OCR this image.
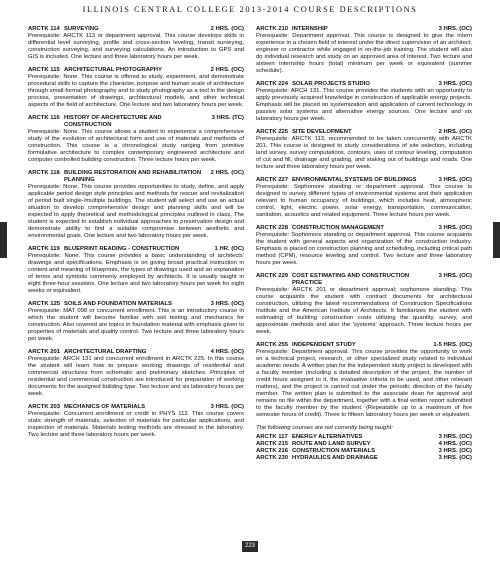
ILLINOIS CENTRAL COLLEGE 2013-2014 COURSE DESCRIPTIONS
ARCTK 114 SURVEYING	2 HRS. (OC)

Prerequisite: ARCTK 113 or department approval. This course develops skills in differential level surveying, profile and cross-section leveling, transit surveying, construction surveying, and surveying calculations. An introduction to GPS and GIS is included. One lecture and three laboratory hours per week.

ARCTK 115 ARCHITECTURAL PHOTOGRAPHY	2 HRS. (OC)

Prerequisite: None. This course is offered to study, experiment, and demonstrate procedural skills to capture the character, purpose and human scale of architecture through small-format photography and to study photography as a tool in the design process, presentation of drawings, architectural models, and other technical aspects of the field of architecture. One lecture and two laboratory hours per week.

ARCTK 116 HISTORY OF ARCHITECTURE AND CONSTRUCTION
3 HRS. (TC)

Prerequisite: None. This course allows a student to experience a comprehensive study of the evolution of architectural form and use of materials and methods of construction. This course is a chronological study ranging from primitive formulative architecture to complex contemporary engineered architecture and computer controlled building construction. Three lecture hours per week.

ARCTK 118 BUILDING RESTORATION AND REHABILITATION PLANNING
2 HRS. (OC)

Prerequisite: None. This course provides opportunities to study, define, and apply applicable period design style principles and methods for rescue and revitalization of period built single-/multiple buildings. The student will select and use an actual situation to develop comprehensive design and planning skills and will be expected to apply theoretical and methodological principles outlined in class. The student is expected to establish individual approaches to preservation design and demonstrate ability to find a suitable compromise between aesthetic and environmental goals. One lecture and two laboratory hours per week.

ARCTK 119 BLUEPRINT READING - CONSTRUCTION	1 HR. (OC)

Prerequisite: None. This course provides a basic understanding of architects' drawings and specifications. Emphasis is on giving broad practical instruction in content and meaning of blueprints, the types of drawings used and an explanation of terms and symbols commonly employed by architects. It is usually taught in eight three-hour sessions. One lecture and two laboratory hours per week for eight weeks or equivalent.

ARCTK 125 SOILS AND FOUNDATION MATERIALS	3 HRS. (OC)

Prerequisite: MAT 098 or concurrent enrollment. This is an introductory course in which the student will become familiar with soil testing and mechanics for construction. Also covered are topics in foundation material with emphasis given to properties of materials and quality control. Two lecture and three laboratory hours per week.

ARCTK 201 ARCHITECTURAL DRAFTING	4 HRS. (OC)

Prerequisite: ARCH 131 and concurrent enrollment in ARCTK 225. In this course the student will learn how to prepare working drawings of residential and commercial structures from schematic and preliminary sketches. Principles of residential and commercial construction are introduced for preparation of working documents for the assigned building type. Two lecture and six laboratory hours per week.

ARCTK 203 MECHANICS OF MATERIALS	3 HRS. (OC)

Prerequisite: Concurrent enrollment or credit in PHYS 112. This course covers static strength of materials, selection of materials for particular applications, and inspection of materials. Materials testing methods are stressed in the laboratory. Two lecture and three laboratory hours per week.

ARCTK 210 INTERNSHIP	3 HRS. (OC)

Prerequisite: Department approval. This course is designed to give the intern experience in a chosen field of interest under the direct supervision of an architect, engineer or contractor while engaged in on-the-job training. The student will also do individual research and study on an approved area of interest. Two lecture and sixteen internship hours (total) minimum per week or equivalent (summer schedule).

ARCTK 224 SOLAR PROJECTS STUDIO	3 HRS. (OC)

Prerequisite: ARCH 131. This course provides the students with an opportunity to apply previously acquired knowledge in construction of applicable energy projects. Emphasis will be placed on systemization and application of current technology in passive solar systems and alternative energy sources. One lecture and six laboratory hours per week.

ARCTK 225 SITE DEVELOPMENT	2 HRS. (OC)

Prerequisite: ARCTK 113, recommended to be taken concurrently with ARCTK 201. This course is designed to study considerations of site selection, including land survey, survey computations, contours, uses of contour leveling, computation of cut and fill, drainage and grading, and staking out of buildings and roads. One lecture and three laboratory hours per week.

ARCTK 227 ENVIRONMENTAL SYSTEMS OF BUILDINGS	3 HRS. (OC)

Prerequisite: Sophomore standing or department approval. This course is designed to survey different types of environmental systems and their application relevant to human occupancy of buildings, which includes heat, atmospheric control, light, electric power, solar energy, transportation, communication, sanitation, acoustics and related equipment. Three lecture hours per week.

ARCTK 228 CONSTRUCTION MANAGEMENT	3 HRS. (OC)

Prerequisite: Sophomore standing or department approval. This course acquaints the student with general aspects and organization of the construction industry. Emphasis is placed on construction planning and scheduling, including critical path method (CPM), resource leveling and control. Two lecture and three laboratory hours per week.

ARCTK 229 COST ESTIMATING AND CONSTRUCTION PRACTICE
3 HRS. (OC)

Prerequisite: ARCTK 201 or department approval; sophomore standing. This course acquaints the student with contract documents for architectural construction, utilizing the latest recommendations of Construction Specifications Institute and the American Institute of Architects. It familiarizes the student with estimating of building construction costs utilizing the quantity, survey, and approximate methods and also the 'systems' approach. Three lecture hours per week.

ARCTK 255 INDEPENDENT STUDY	1-5 HRS. (OC)

Prerequisite: Department approval. This course provides the opportunity to work on a technical project, research, or other specialized study related to individual academic needs. A written plan for the independent study project is developed with a faculty member (including a detailed description of the project, the number of credit hours assigned to it, the evaluative criteria to be used, and other relevant matters), and the project is carried out under the periodic direction of the faculty member. The written plan is submitted to the associate dean for approval and remains on file within the department, together with a final written report submitted to the faculty member by the student. (Repeatable up to a maximum of five semester hours of credit). Three to fifteen laboratory hours per week or equivalent.

The following courses are not currently being taught:
ARCTK 117 ENERGY ALTERNATIVES	3 HRS. (OC)
ARCTK 215 ROUTE AND LAND SURVEY	4 HRS. (OC)
ARCTK 216 CONSTRUCTION MATERIALS	3 HRS. (OC)
ARCTK 230 HYDRAULICS AND DRAINAGE	3 HRS. (OC)
223
